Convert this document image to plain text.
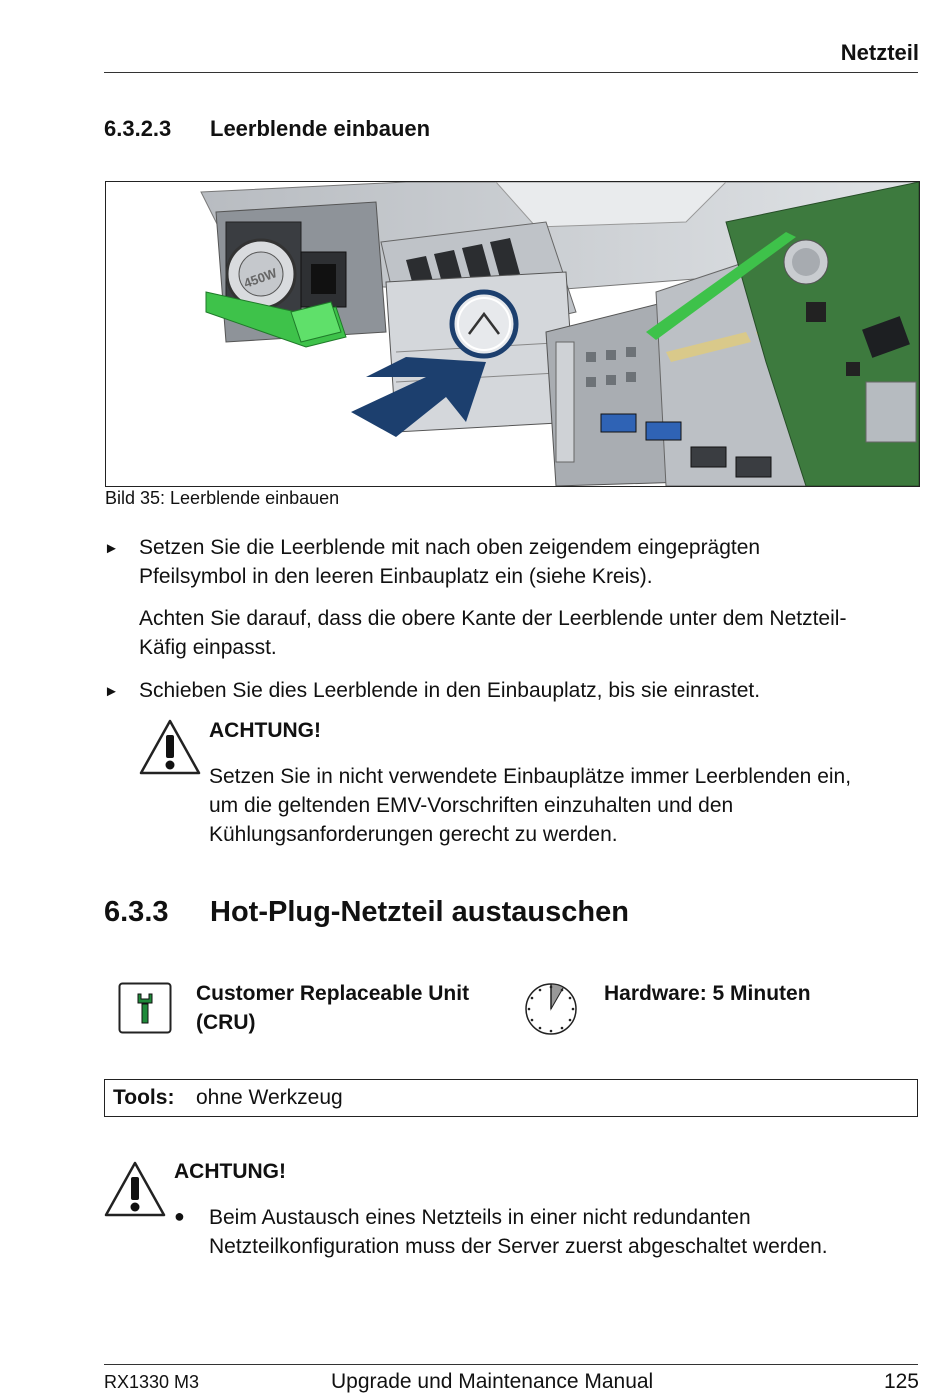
Netzteil
6.3.2.3 Leerblende einbauen
450W
Bild 35: Leerblende einbauen
► Setzen Sie die Leerblende mit nach oben zeigendem eingeprägten
Pfeilsymbol in den leeren Einbauplatz ein (siehe Kreis).
Achten Sie darauf, dass die obere Kante der Leerblende unter dem Netzteil-
Käfig einpasst.
► Schieben Sie dies Leerblende in den Einbauplatz, bis sie einrastet.
ACHTUNG!
Setzen Sie in nicht verwendete Einbauplätze immer Leerblenden ein,
um die geltenden EMV-Vorschriften einzuhalten und den
Kühlungsanforderungen gerecht zu werden.
6.3.3 Hot-Plug-Netzteil austauschen
Customer Replaceable Unit
(CRU)
Hardware: 5 Minuten
Tools: ohne Werkzeug
ACHTUNG!
● Beim Austausch eines Netzteils in einer nicht redundanten
Netzteilkonfiguration muss der Server zuerst abgeschaltet werden.
RX1330 M3	Upgrade und Maintenance Manual	125
